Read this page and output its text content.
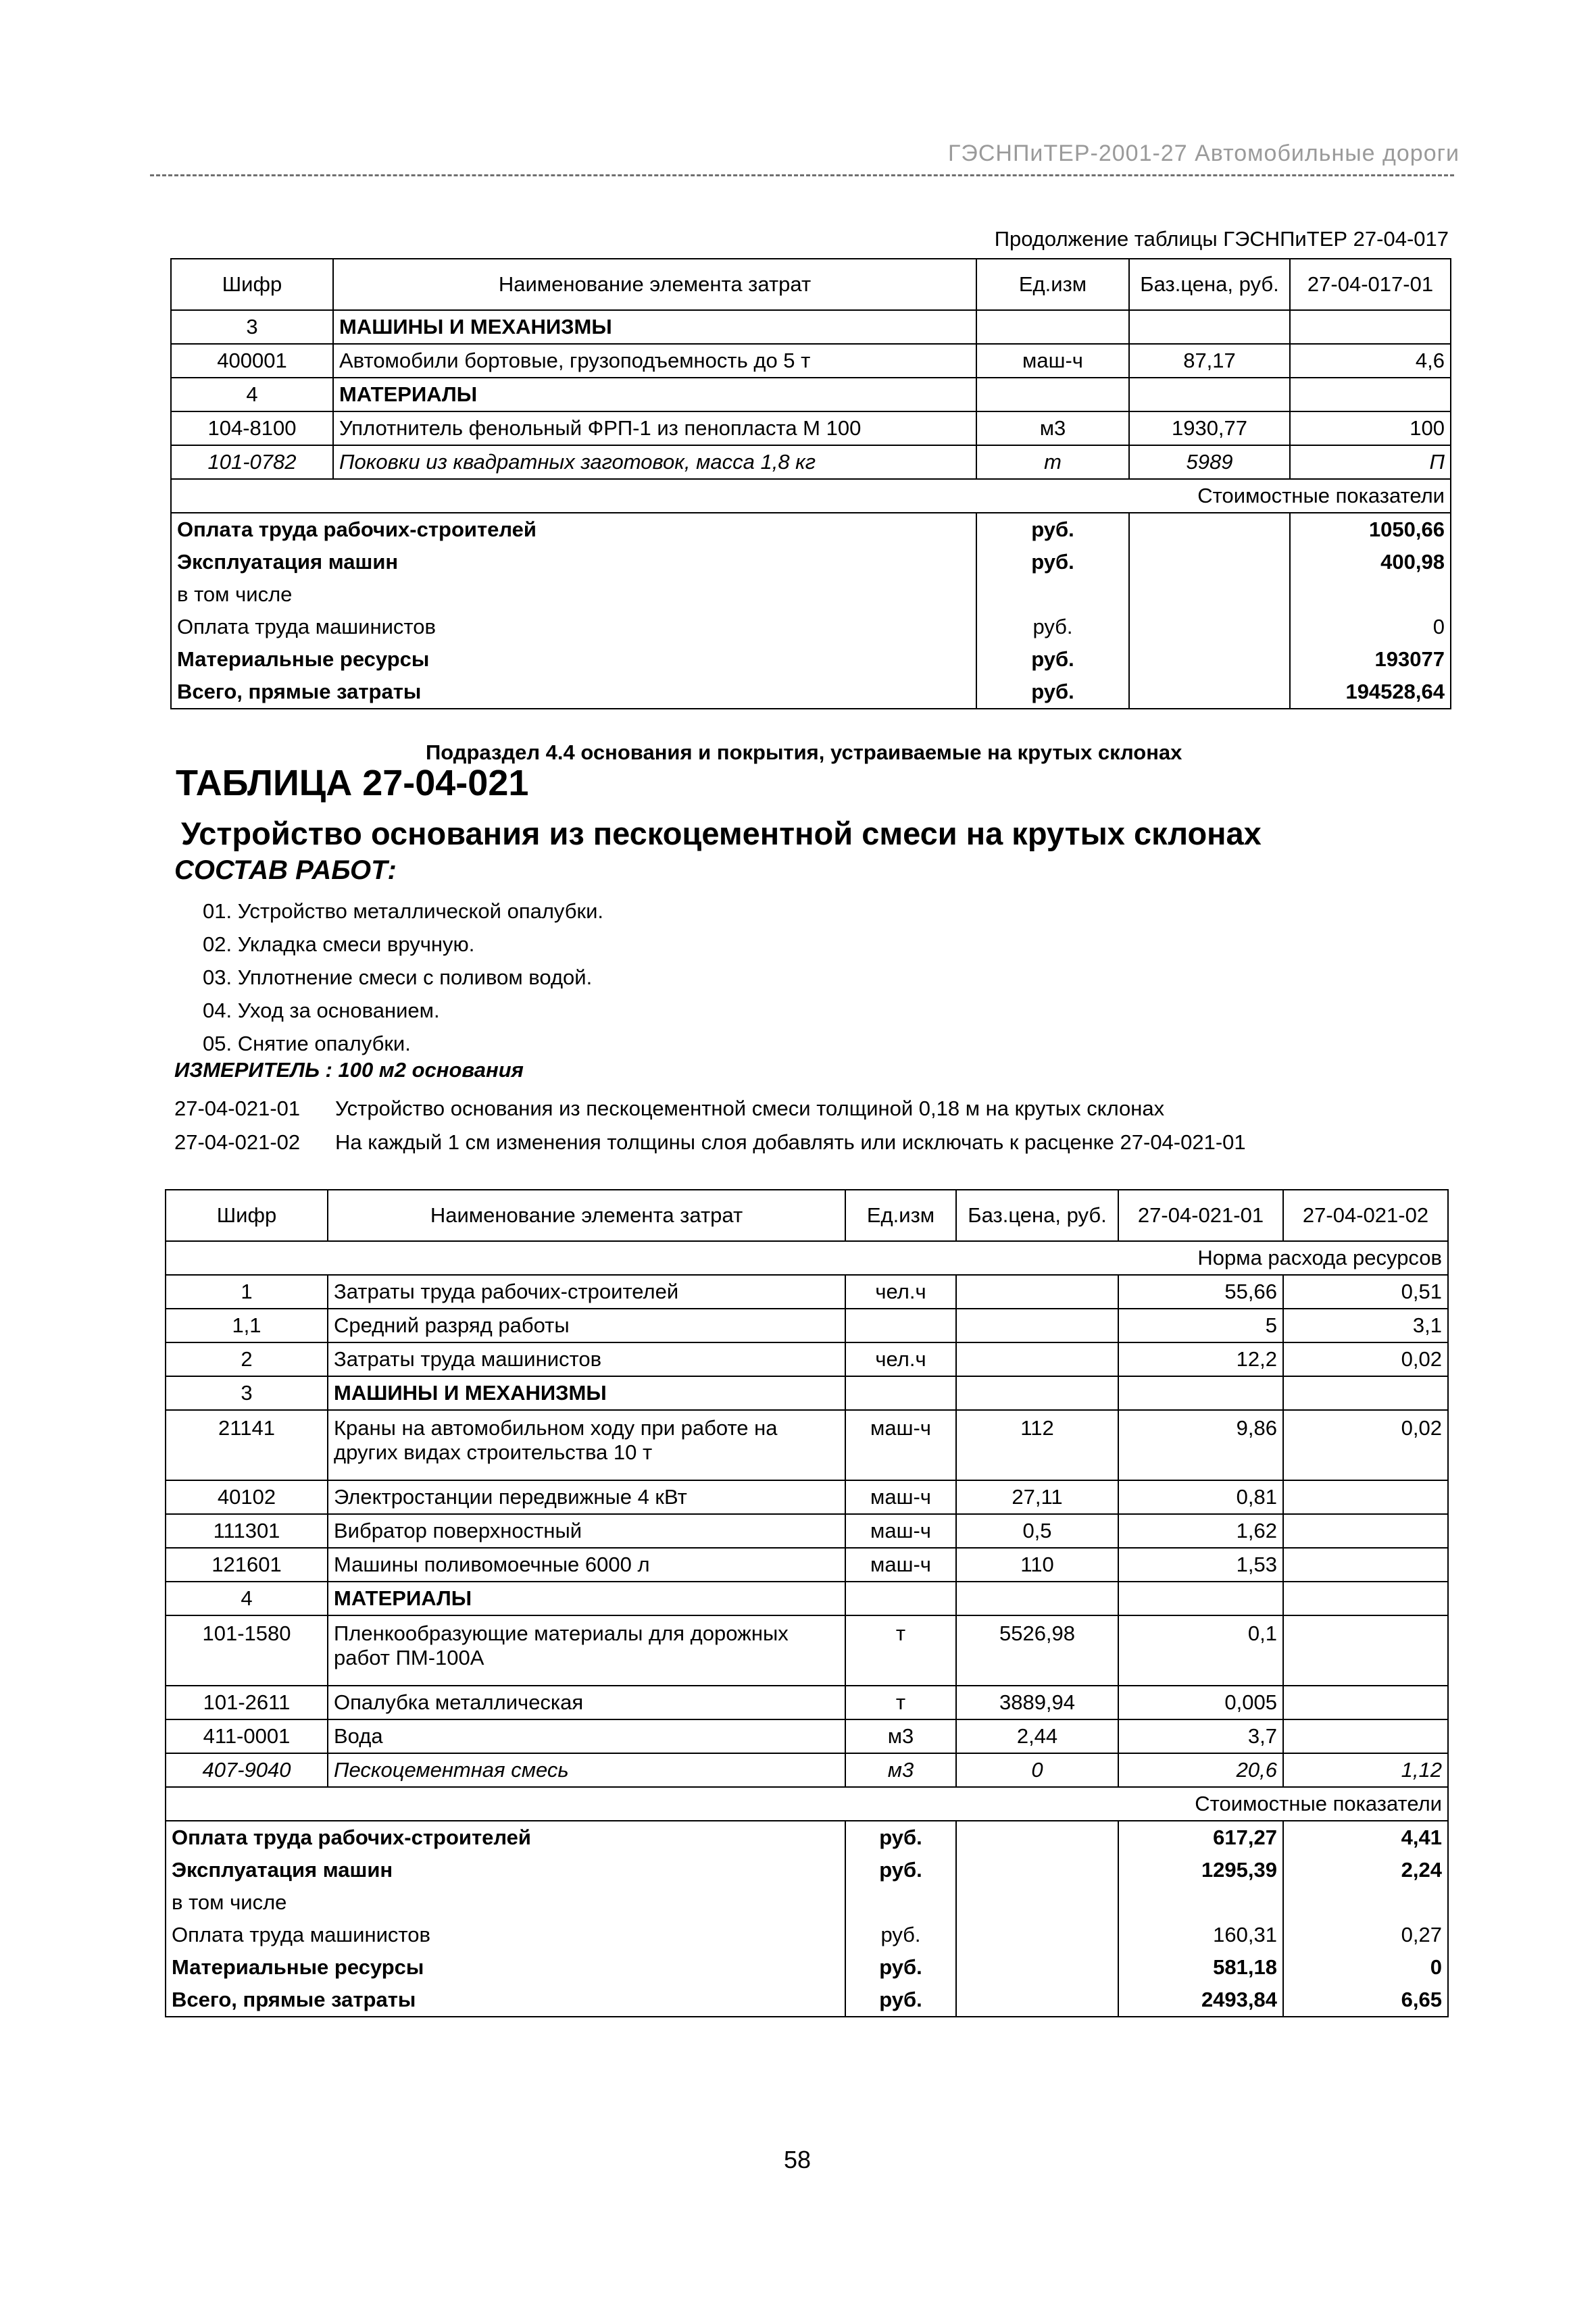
ГЭСНПиТЕР-2001-27 Автомобильные дороги
Продолжение таблицы ГЭСНПиТЕР 27-04-017
Шифр	Наименование элемента затрат	Ед.изм	Баз.цена, руб.	27-04-017-01
3	МАШИНЫ И МЕХАНИЗМЫ			
400001	Автомобили бортовые, грузоподъемность до 5 т	маш-ч	87,17	4,6
4	МАТЕРИАЛЫ			
104-8100	Уплотнитель фенольный ФРП-1 из пенопласта М 100	м3	1930,77	100
101-0782	Поковки из квадратных заготовок, масса 1,8 кг	т	5989	П
Стоимостные показатели				
Оплата труда рабочих-строителей		руб.		1050,66
Эксплуатация машин		руб.		400,98
в том числе				
Оплата труда машинистов		руб.		0
Материальные ресурсы		руб.		193077
Всего, прямые затраты		руб.		194528,64
Подраздел 4.4 основания и покрытия, устраиваемые на крутых склонах
ТАБЛИЦА 27-04-021
Устройство основания из пескоцементной смеси на крутых склонах
СОСТАВ РАБОТ:
01. Устройство металлической опалубки.
02. Укладка смеси вручную.
03. Уплотнение смеси с поливом водой.
04. Уход за основанием.
05. Снятие опалубки.
ИЗМЕРИТЕЛЬ : 100 м2 основания
27-04-021-01 Устройство основания из пескоцементной смеси толщиной 0,18 м на крутых склонах
27-04-021-02 На каждый 1 см изменения толщины слоя добавлять или исключать к расценке 27-04-021-01
Шифр	Наименование элемента затрат	Ед.изм	Баз.цена, руб.	27-04-021-01	27-04-021-02
Норма расхода ресурсов					
1	Затраты труда рабочих-строителей	чел.ч		55,66	0,51
1,1	Средний разряд работы			5	3,1
2	Затраты труда машинистов	чел.ч		12,2	0,02
3	МАШИНЫ И МЕХАНИЗМЫ				
21141	Краны на автомобильном ходу при работе на других видах строительства 10 т	маш-ч	112	9,86	0,02
40102	Электростанции передвижные 4 кВт	маш-ч	27,11	0,81	
111301	Вибратор поверхностный	маш-ч	0,5	1,62	
121601	Машины поливомоечные 6000 л	маш-ч	110	1,53	
4	МАТЕРИАЛЫ				
101-1580	Пленкообразующие материалы для дорожных работ ПМ-100А	т	5526,98	0,1	
101-2611	Опалубка металлическая	т	3889,94	0,005	
411-0001	Вода	м3	2,44	3,7	
407-9040	Пескоцементная смесь	м3	0	20,6	1,12
Стоимостные показатели					
Оплата труда рабочих-строителей		руб.		617,27	4,41
Эксплуатация машин		руб.		1295,39	2,24
в том числе					
Оплата труда машинистов		руб.		160,31	0,27
Материальные ресурсы		руб.		581,18	0
Всего, прямые затраты		руб.		2493,84	6,65
58
